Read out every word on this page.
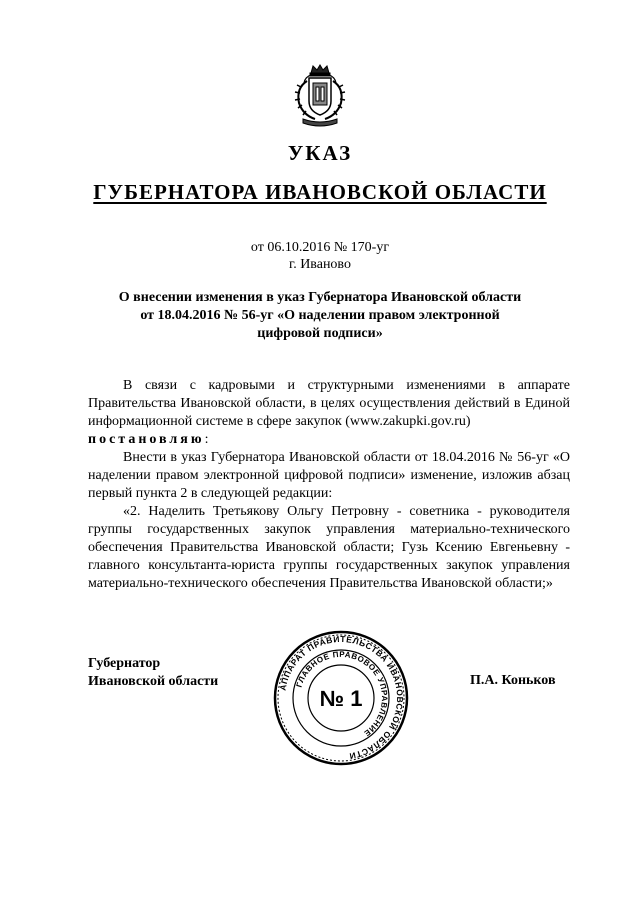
УКАЗ
ГУБЕРНАТОРА ИВАНОВСКОЙ ОБЛАСТИ
от 06.10.2016 № 170-уг
г. Иваново
О внесении изменения в указ Губернатора Ивановской области
от 18.04.2016 № 56-уг «О наделении правом электронной
цифровой подписи»

В связи с кадровыми и структурными изменениями в аппарате Правительства Ивановской области, в целях осуществления действий в Единой информационной системе в сфере закупок (www.zakupki.gov.ru)

постановляю:

Внести в указ Губернатора Ивановской области от 18.04.2016 № 56-уг «О наделении правом электронной цифровой подписи» изменение, изложив абзац первый пункта 2 в следующей редакции:

«2. Наделить Третьякову Ольгу Петровну - советника - руководителя группы государственных закупок управления материально-технического обеспечения Правительства Ивановской области; Гузь Ксению Евгеньевну - главного консультанта-юриста группы государственных закупок управления материально-технического обеспечения Правительства Ивановской области;»

Губернатор
Ивановской области	АППАРАТ ПРАВИТЕЛЬСТВА ИВАНОВСКОЙ ОБЛАСТИ
ГЛАВНОЕ ПРАВОВОЕ УПРАВЛЕНИЕ
№ 1
П.А. Коньков
